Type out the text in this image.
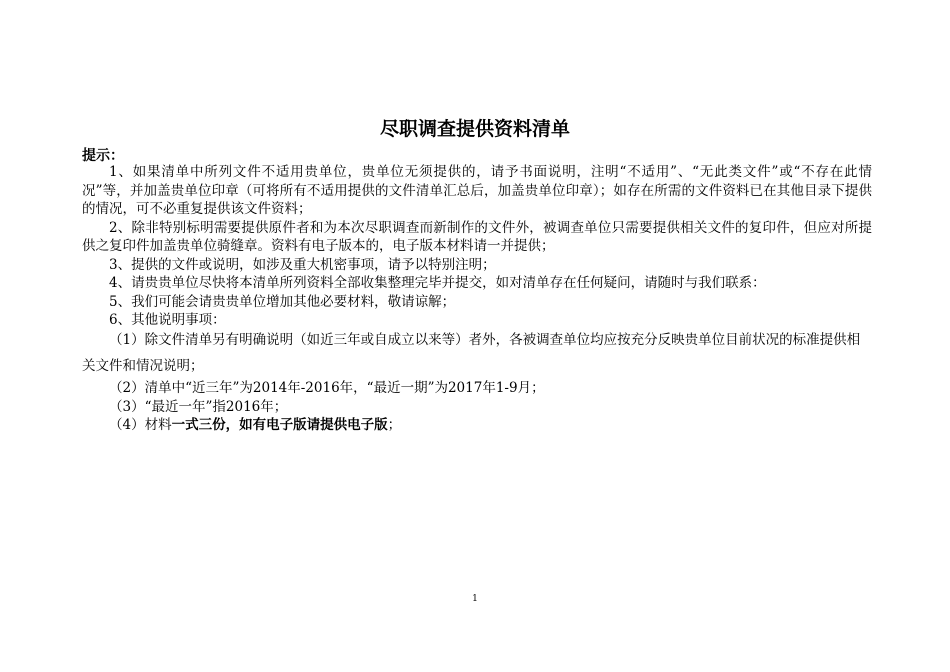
尽职调查提供资料清单
提示：

1、如果清单中所列文件不适用贵单位，贵单位无须提供的，请予书面说明，注明“不适用”、“无此类文件”或“不存在此情况”等，并加盖贵单位印章（可将所有不适用提供的文件清单汇总后，加盖贵单位印章）；如存在所需的文件资料已在其他目录下提供的情况，可不必重复提供该文件资料；

2、除非特别标明需要提供原件者和为本次尽职调查而新制作的文件外，被调查单位只需要提供相关文件的复印件，但应对所提供之复印件加盖贵单位骑缝章。资料有电子版本的，电子版本材料请一并提供；

3、提供的文件或说明，如涉及重大机密事项，请予以特别注明；

4、请贵贵单位尽快将本清单所列资料全部收集整理完毕并提交，如对清单存在任何疑问，请随时与我们联系：

5、我们可能会请贵贵单位增加其他必要材料，敬请谅解；

6、其他说明事项：

（1）除文件清单另有明确说明（如近三年或自成立以来等）者外，各被调查单位均应按充分反映贵单位目前状况的标准提供相关文件和情况说明；

（2）清单中“近三年”为2014年-2016年，“最近一期”为2017年1-9月；

（3）“最近一年”指2016年；

（4）材料一式三份，如有电子版请提供电子版；

1
